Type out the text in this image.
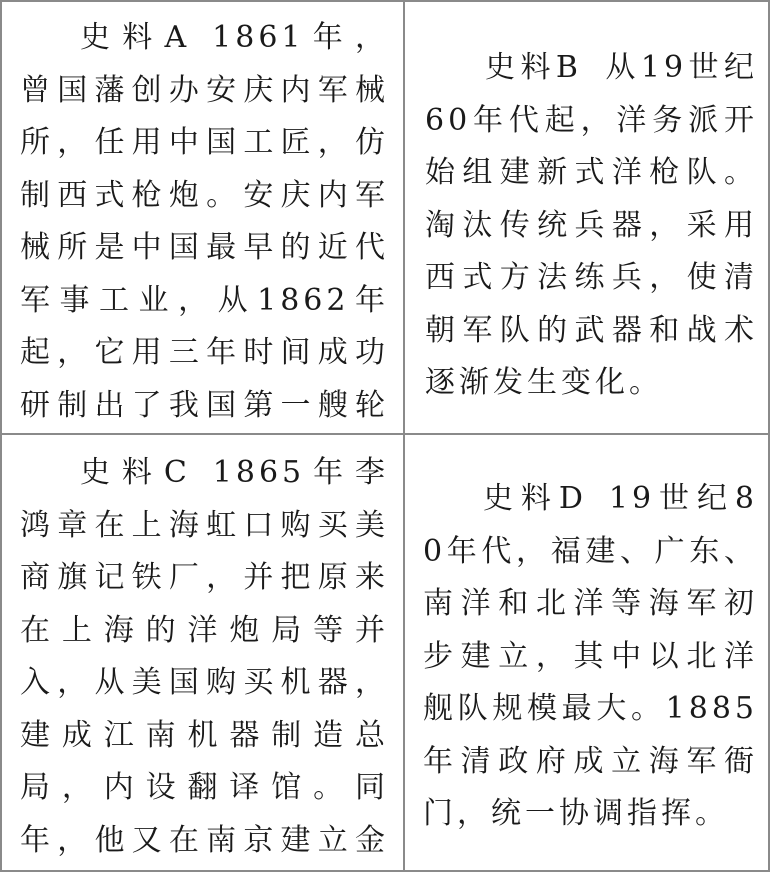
史料A 1861年，曾国藩创办安庆内军械所，任用中国工匠，仿制西式枪炮。安庆内军械所是中国最早的近代军事工业，从1862年起，它用三年时间成功研制出了我国第一艘轮

史料B 从19世纪60年代起，洋务派开始组建新式洋枪队。淘汰传统兵器，采用西式方法练兵，使清朝军队的武器和战术逐渐发生变化。

史料C 1865年李鸿章在上海虹口购买美商旗记铁厂，并把原来在上海的洋炮局等并入，从美国购买机器，建成江南机器制造总局，内设翻译馆。同年，他又在南京建立金

史料D 19世纪80年代，福建、广东、南洋和北洋等海军初步建立，其中以北洋舰队规模最大。1885年清政府成立海军衙门，统一协调指挥。
